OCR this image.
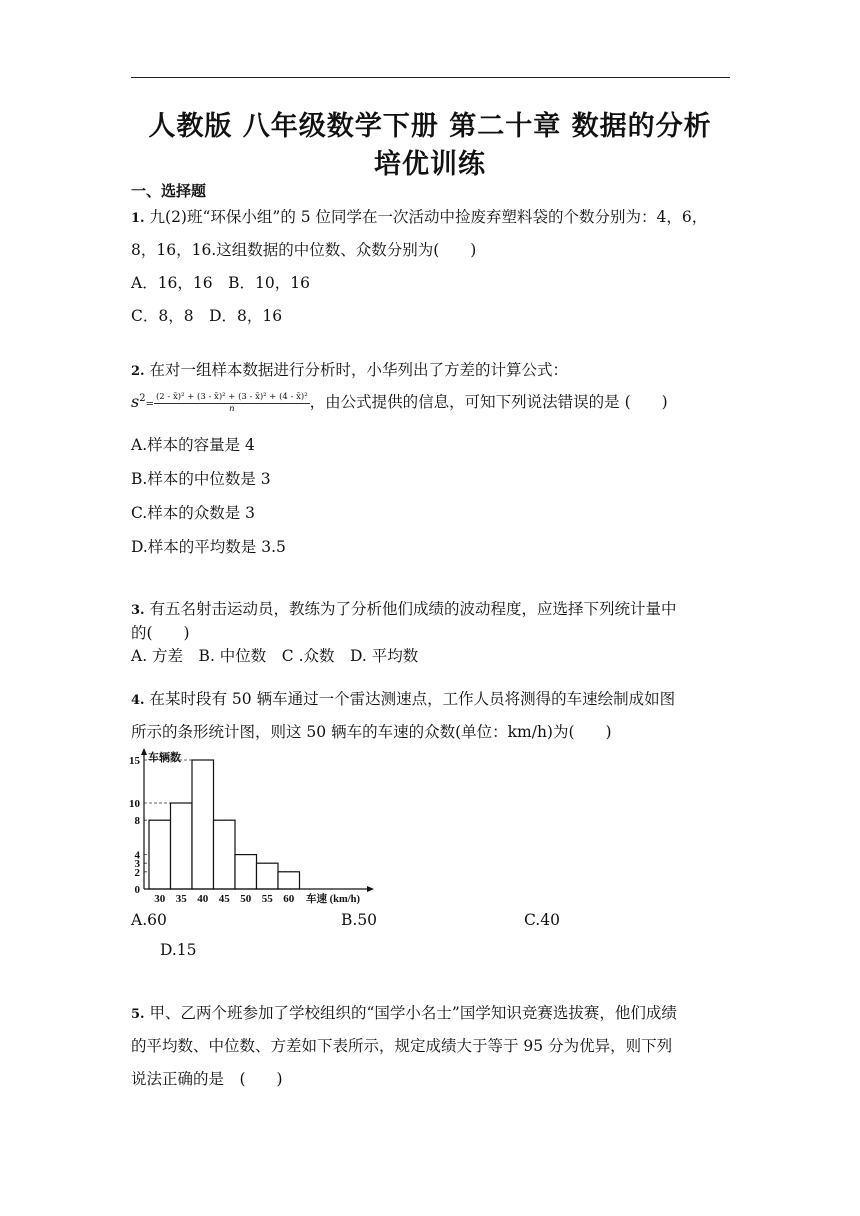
人教版 八年级数学下册 第二十章 数据的分析
培优训练
一、选择题
1. 九(2)班“环保小组”的 5 位同学在一次活动中捡废弃塑料袋的个数分别为：4，6，
8，16，16.这组数据的中位数、众数分别为(　　)
A．16，16　B．10，16
C．8，8　D．8，16
2. 在对一组样本数据进行分析时，小华列出了方差的计算公式：
$s^2= \frac{\text{(2 - x̄)² + (3 - x̄)² + (3 - x̄)² + (4 - x̄)²}}{n}$ ，由公式提供的信息，可知下列说法错误的是 (　　)
A.样本的容量是 4
B.样本的中位数是 3
C.样本的众数是 3
D.样本的平均数是 3.5
3. 有五名射击运动员，教练为了分析他们成绩的波动程度，应选择下列统计量中
的(　　)
A. 方差　B. 中位数　C .众数　D. 平均数
4. 在某时段有 50 辆车通过一个雷达测速点，工作人员将测得的车速绘制成如图
所示的条形统计图，则这 50 辆车的车速的众数(单位：km/h)为(　　)
0
2
3
4
8
10
15
30 35 40 45 50 55 60
车辆数
车速 (km/h)
A.60	B.50	C.40
D.15
5. 甲、乙两个班参加了学校组织的“国学小名士”国学知识竞赛选拔赛，他们成绩
的平均数、中位数、方差如下表所示，规定成绩大于等于 95 分为优异，则下列
说法正确的是　(　　)
